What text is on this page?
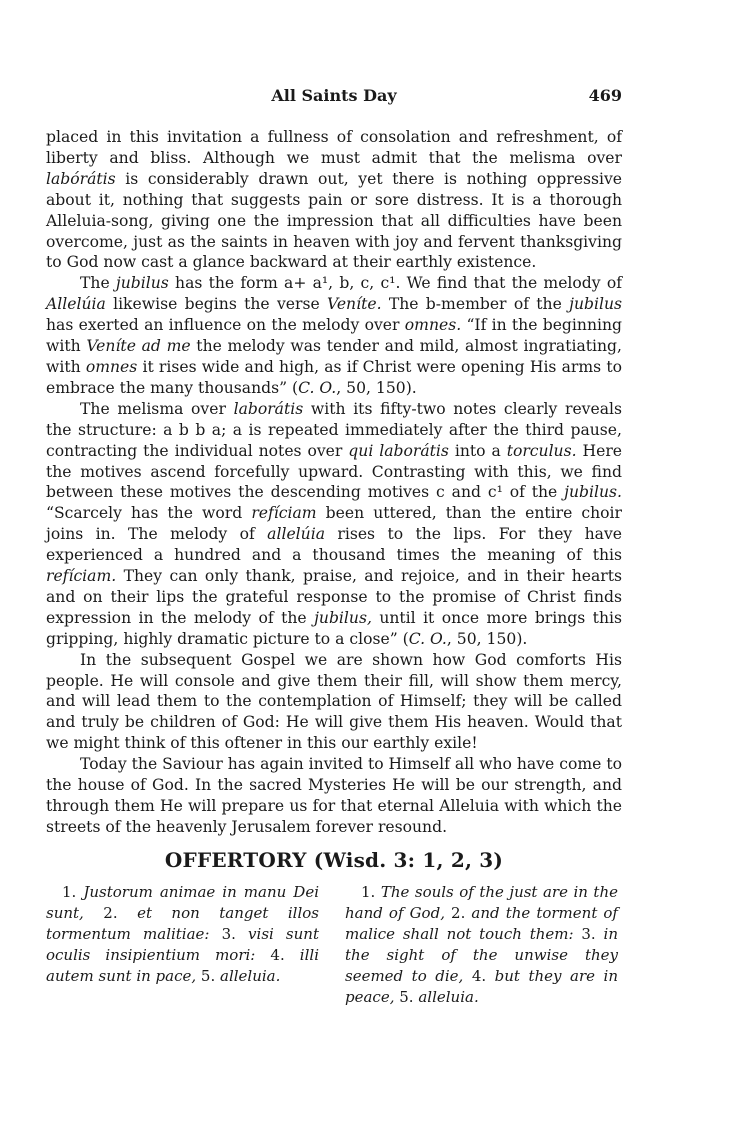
All Saints Day	469

placed in this invitation a fullness of consolation and refreshment, of liberty and bliss. Although we must admit that the melisma over labórátis is considerably drawn out, yet there is nothing oppressive about it, nothing that suggests pain or sore distress. It is a thorough Alleluia-song, giving one the impression that all difficulties have been overcome, just as the saints in heaven with joy and fervent thanksgiving to God now cast a glance backward at their earthly existence.

The jubilus has the form a+ a¹, b, c, c¹. We find that the melody of Allelúia likewise begins the verse Veníte. The b-member of the jubilus has exerted an influence on the melody over omnes. “If in the beginning with Veníte ad me the melody was tender and mild, almost ingratiating, with omnes it rises wide and high, as if Christ were opening His arms to embrace the many thousands” (C. O., 50, 150).

The melisma over laborátis with its fifty-two notes clearly reveals the structure: a b b a; a is repeated immediately after the third pause, contracting the individual notes over qui laborátis into a torculus. Here the motives ascend forcefully upward. Contrasting with this, we find between these motives the descending motives c and c¹ of the jubilus. “Scarcely has the word refíciam been uttered, than the entire choir joins in. The melody of allelúia rises to the lips. For they have experienced a hundred and a thousand times the meaning of this refíciam. They can only thank, praise, and rejoice, and in their hearts and on their lips the grateful response to the promise of Christ finds expression in the melody of the jubilus, until it once more brings this gripping, highly dramatic picture to a close” (C. O., 50, 150).

In the subsequent Gospel we are shown how God comforts His people. He will console and give them their fill, will show them mercy, and will lead them to the contemplation of Himself; they will be called and truly be children of God: He will give them His heaven. Would that we might think of this oftener in this our earthly exile!

Today the Saviour has again invited to Himself all who have come to the house of God. In the sacred Mysteries He will be our strength, and through them He will prepare us for that eternal Alleluia with which the streets of the heavenly Jerusalem forever resound.

OFFERTORY (Wisd. 3: 1, 2, 3)

1. Justorum animae in manu Dei sunt, 2. et non tanget illos tormentum malitiae: 3. visi sunt oculis insipientium mori: 4. illi autem sunt in pace, 5. alleluia.

1. The souls of the just are in the hand of God, 2. and the torment of malice shall not touch them: 3. in the sight of the unwise they seemed to die, 4. but they are in peace, 5. alleluia.
